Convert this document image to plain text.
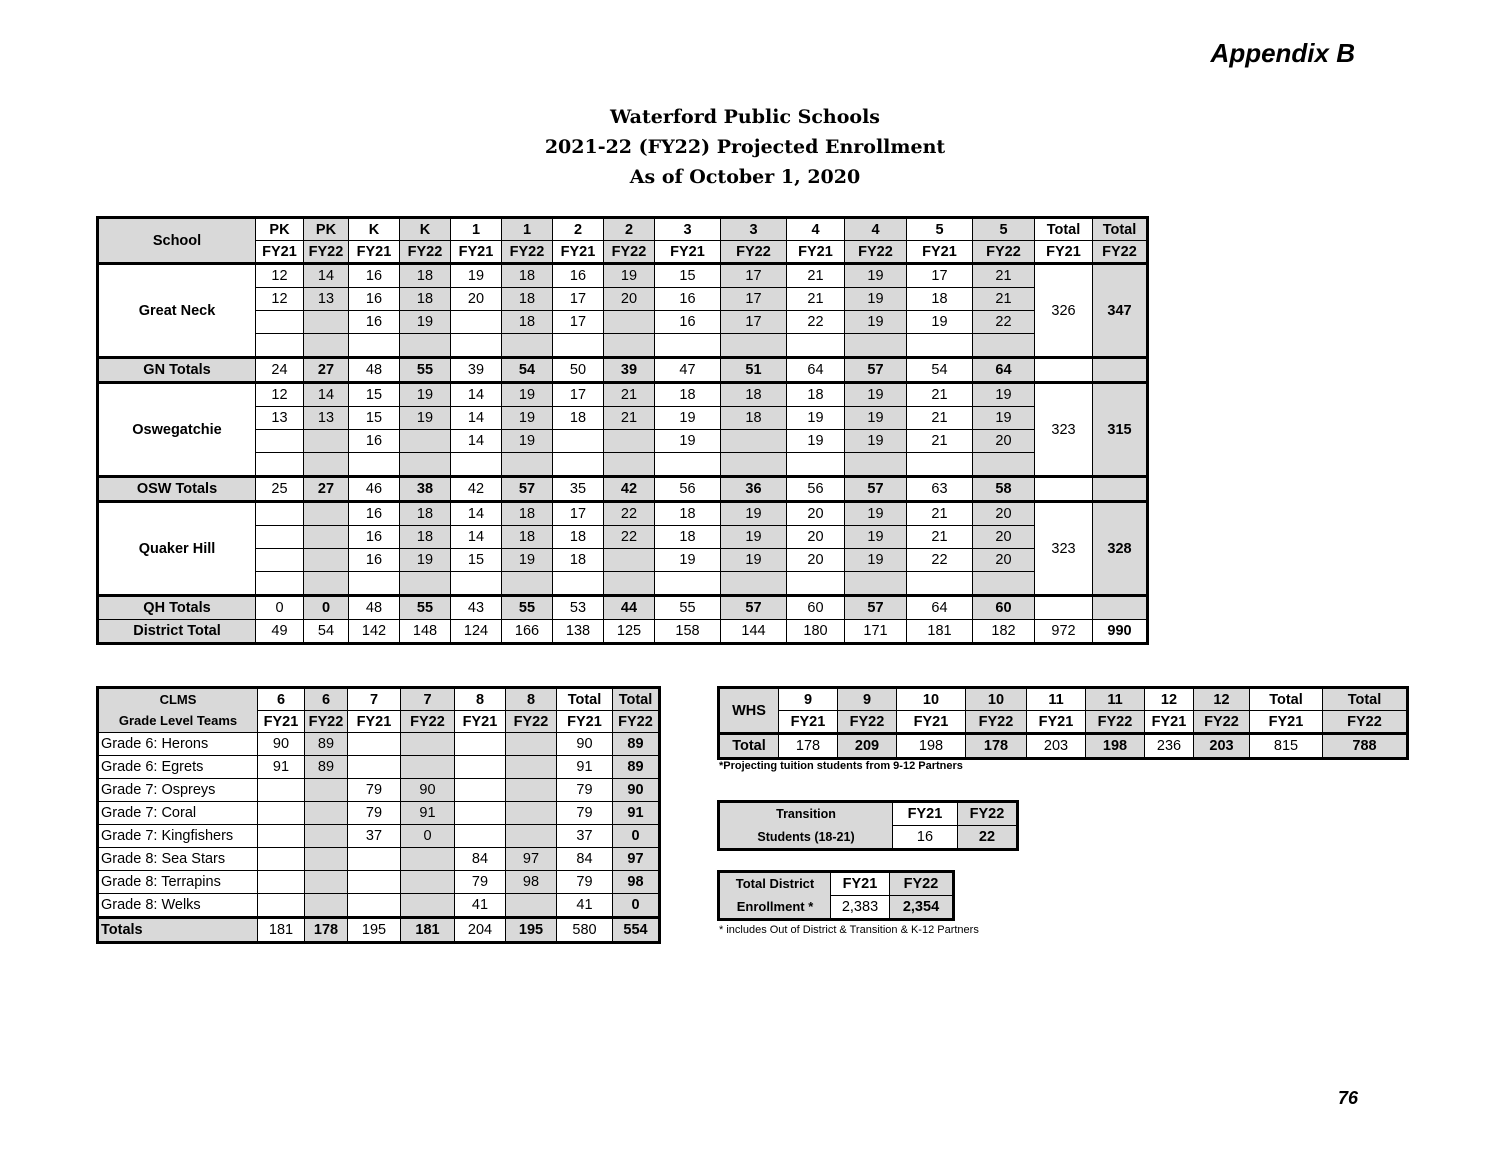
Appendix B
Waterford Public Schools
2021-22 (FY22) Projected Enrollment
As of October 1, 2020
School	PK	PK	K	K	1	1	2	2	3	3	4	4	5	5	Total	Total
	FY21	FY22	FY21	FY22	FY21	FY22	FY21	FY22	FY21	FY22	FY21	FY22	FY21	FY22	FY21	FY22
Great Neck	12	14	16	18	19	18	16	19	15	17	21	19	17	21	326	347
	12	13	16	18	20	18	17	20	16	17	21	19	18	21		
			16	19		18	17		16	17	22	19	19	22		

GN Totals	24	27	48	55	39	54	50	39	47	51	64	57	54	64		
Oswegatchie	12	14	15	19	14	19	17	21	18	18	18	19	21	19	323	315
	13	13	15	19	14	19	18	21	19	18	19	19	21	19		
			16		14	19			19		19	19	21	20		

OSW Totals	25	27	46	38	42	57	35	42	56	36	56	57	63	58		
Quaker Hill			16	18	14	18	17	22	18	19	20	19	21	20	323	328
			16	18	14	18	18	22	18	19	20	19	21	20		
			16	19	15	19	18		19	19	20	19	22	20		

QH Totals	0	0	48	55	43	55	53	44	55	57	60	57	64	60		
District Total	49	54	142	148	124	166	138	125	158	144	180	171	181	182	972	990
CLMS	6	6	7	7	8	8	Total	Total
Grade Level Teams	FY21	FY22	FY21	FY22	FY21	FY22	FY21	FY22
Grade 6: Herons	90	89					90	89
Grade 6: Egrets	91	89					91	89
Grade 7: Ospreys			79	90			79	90
Grade 7: Coral			79	91			79	91
Grade 7: Kingfishers			37	0			37	0
Grade 8: Sea Stars					84	97	84	97
Grade 8: Terrapins					79	98	79	98
Grade 8: Welks					41		41	0
Totals	181	178	195	181	204	195	580	554
WHS	9	9	10	10	11	11	12	12	Total	Total
	FY21	FY22	FY21	FY22	FY21	FY22	FY21	FY22	FY21	FY22
Total	178	209	198	178	203	198	236	203	815	788
*Projecting tuition students from 9-12 Partners
Transition	FY21	FY22
Students (18-21)	16	22
Total District	FY21	FY22
Enrollment *	2,383	2,354
* includes Out of District & Transition & K-12 Partners
76
